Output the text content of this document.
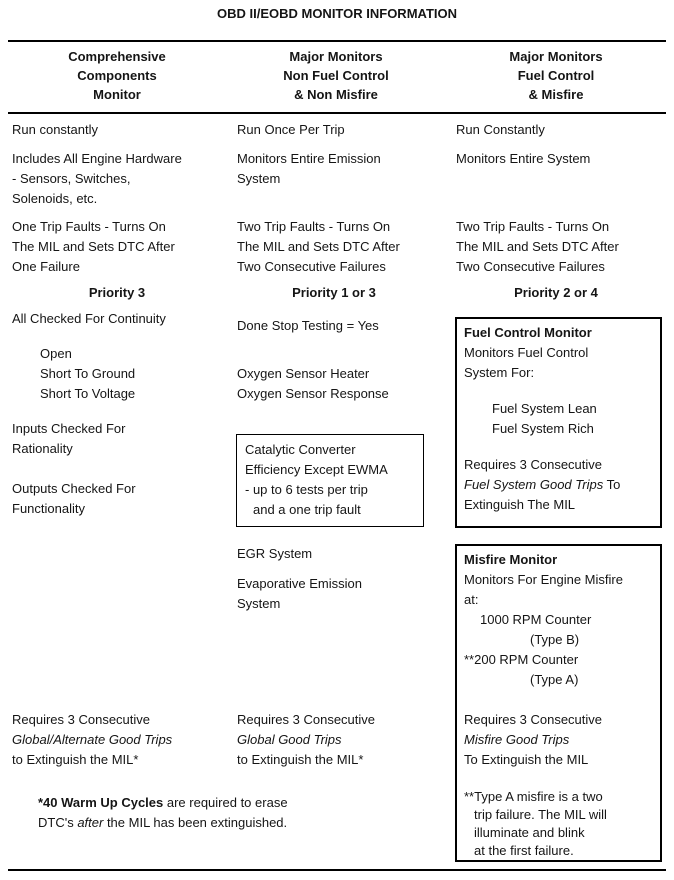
OBD II/EOBD MONITOR INFORMATION
Comprehensive
Components
Monitor
Major Monitors
Non Fuel Control
& Non Misfire
Major Monitors
Fuel Control
& Misfire
Run constantly
Includes All Engine Hardware
- Sensors, Switches,
Solenoids, etc.
One Trip Faults - Turns On
The MIL and Sets DTC After
One Failure
Priority 3
All Checked For Continuity
Open
Short To Ground
Short To Voltage
Inputs Checked For
Rationality
Outputs Checked For
Functionality
Requires 3 Consecutive
Global/Alternate Good Trips
to Extinguish the MIL*
Run Once Per Trip
Monitors Entire Emission
System
Two Trip Faults - Turns On
The MIL and Sets DTC After
Two Consecutive Failures
Priority 1 or 3
Done Stop Testing = Yes
Oxygen Sensor Heater
Oxygen Sensor Response
Catalytic Converter
Efficiency Except EWMA
- up to 6 tests per trip
and a one trip fault
EGR System
Evaporative Emission
System
Requires 3 Consecutive
Global Good Trips
to Extinguish the MIL*
Run Constantly
Monitors Entire System
Two Trip Faults - Turns On
The MIL and Sets DTC After
Two Consecutive Failures
Priority 2 or 4
Fuel Control Monitor
Monitors Fuel Control
System For:
Fuel System Lean
Fuel System Rich
Requires 3 Consecutive
Fuel System Good Trips To
Extinguish The MIL
Misfire Monitor
Monitors For Engine Misfire
at:
1000 RPM Counter
(Type B)
**200 RPM Counter
(Type A)
Requires 3 Consecutive
Misfire Good Trips
To Extinguish the MIL
**Type A misfire is a two
trip failure. The MIL will
illuminate and blink
at the first failure.
*40 Warm Up Cycles are required to erase
DTC's after the MIL has been extinguished.
